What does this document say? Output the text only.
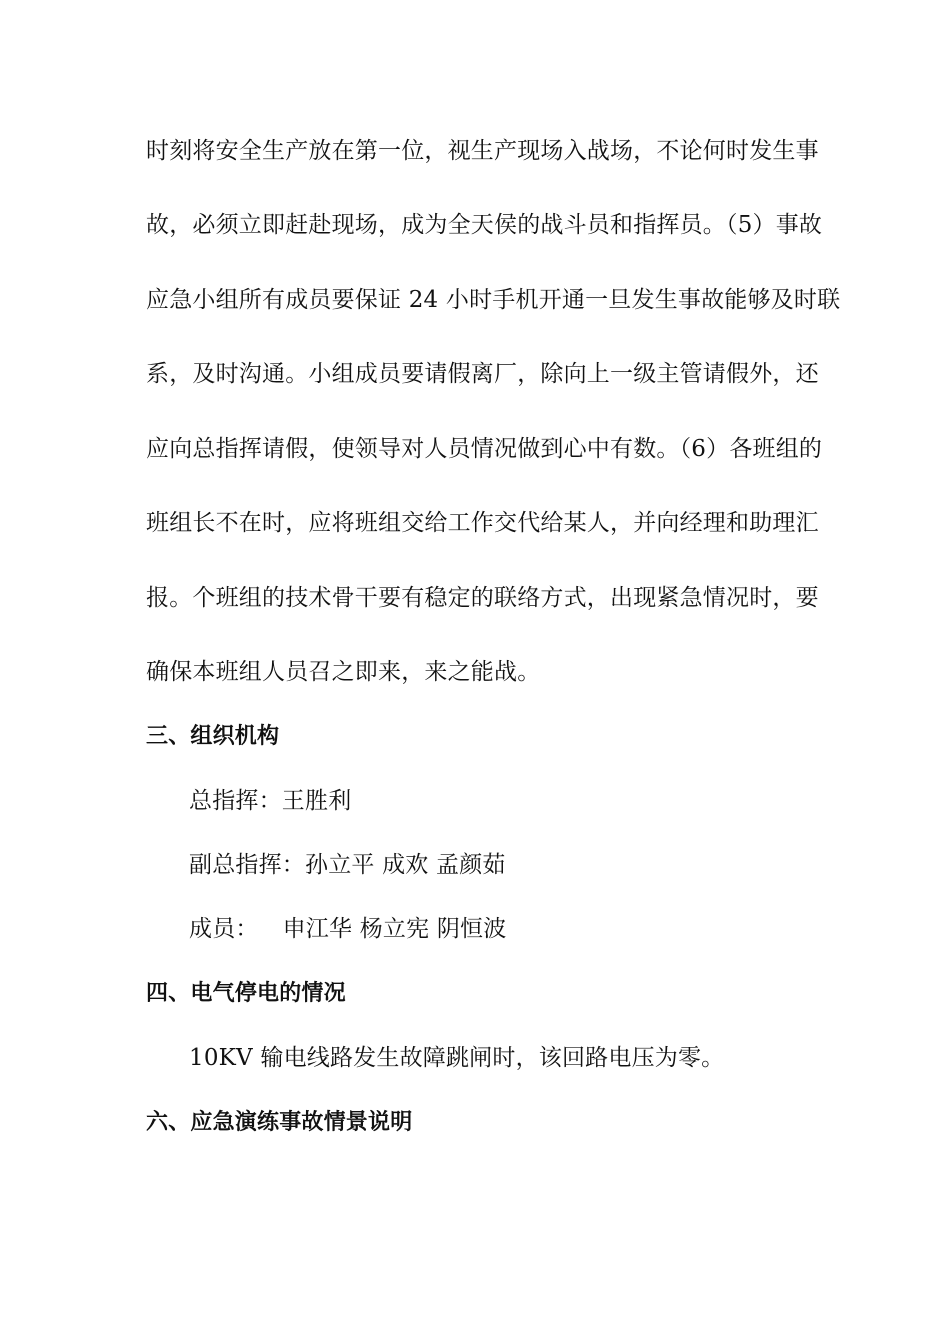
时刻将安全生产放在第一位，视生产现场入战场，不论何时发生事
故，必须立即赶赴现场，成为全天侯的战斗员和指挥员。（5）事故
应急小组所有成员要保证 24 小时手机开通一旦发生事故能够及时联
系，及时沟通。小组成员要请假离厂，除向上一级主管请假外，还
应向总指挥请假，使领导对人员情况做到心中有数。（6）各班组的
班组长不在时，应将班组交给工作交代给某人，并向经理和助理汇
报。个班组的技术骨干要有稳定的联络方式，出现紧急情况时，要
确保本班组人员召之即来，来之能战。
三、组织机构
总指挥：王胜利
副总指挥：孙立平 成欢 孟颜茹
成员： 申江华 杨立宪 阴恒波
四、电气停电的情况
10KV 输电线路发生故障跳闸时，该回路电压为零。
六、应急演练事故情景说明
